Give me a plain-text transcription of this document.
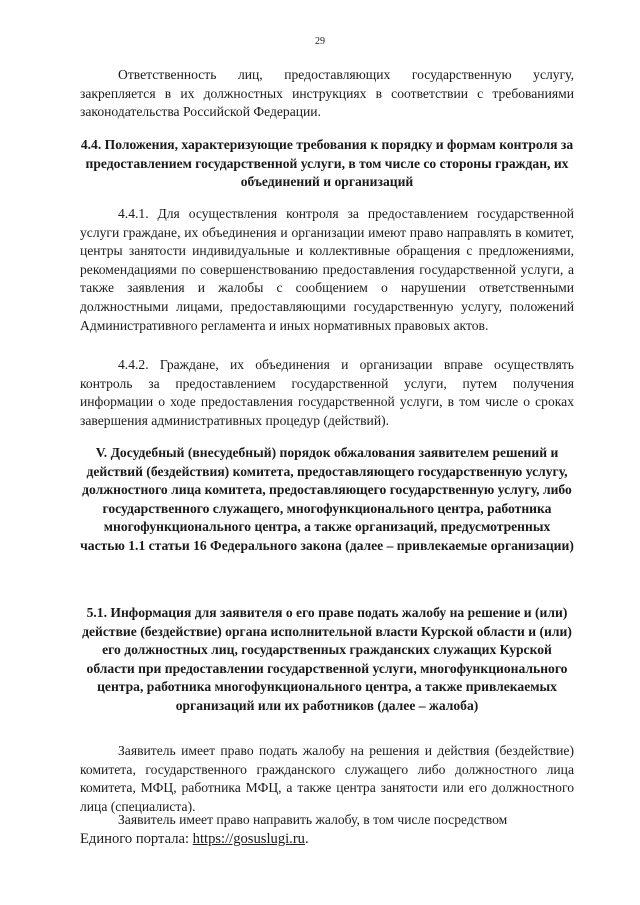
29
Ответственность лиц, предоставляющих государственную услугу, закрепляется в их должностных инструкциях в соответствии с требованиями законодательства Российской Федерации.
4.4. Положения, характеризующие требования к порядку и формам контроля за предоставлением государственной услуги, в том числе со стороны граждан, их объединений и организаций
4.4.1. Для осуществления контроля за предоставлением государственной услуги граждане, их объединения и организации имеют право направлять в комитет, центры занятости индивидуальные и коллективные обращения с предложениями, рекомендациями по совершенствованию предоставления государственной услуги, а также заявления и жалобы с сообщением о нарушении ответственными должностными лицами, предоставляющими государственную услугу, положений Административного регламента и иных нормативных правовых актов.
4.4.2. Граждане, их объединения и организации вправе осуществлять контроль за предоставлением государственной услуги, путем получения информации о ходе предоставления государственной услуги, в том числе о сроках завершения административных процедур (действий).
V. Досудебный (внесудебный) порядок обжалования заявителем решений и действий (бездействия) комитета, предоставляющего государственную услугу, должностного лица комитета, предоставляющего государственную услугу, либо государственного служащего, многофункционального центра, работника многофункционального центра, а также организаций, предусмотренных частью 1.1 статьи 16 Федерального закона (далее – привлекаемые организации)
5.1. Информация для заявителя о его праве подать жалобу на решение и (или) действие (бездействие) органа исполнительной власти Курской области и (или) его должностных лиц, государственных гражданских служащих Курской области при предоставлении государственной услуги, многофункционального центра, работника многофункционального центра, а также привлекаемых организаций или их работников (далее – жалоба)
Заявитель имеет право подать жалобу на решения и действия (бездействие) комитета, государственного гражданского служащего либо должностного лица комитета, МФЦ, работника МФЦ, а также центра занятости или его должностного лица (специалиста).
Заявитель имеет право направить жалобу, в том числе посредством
Единого портала: https://gosuslugi.ru.
